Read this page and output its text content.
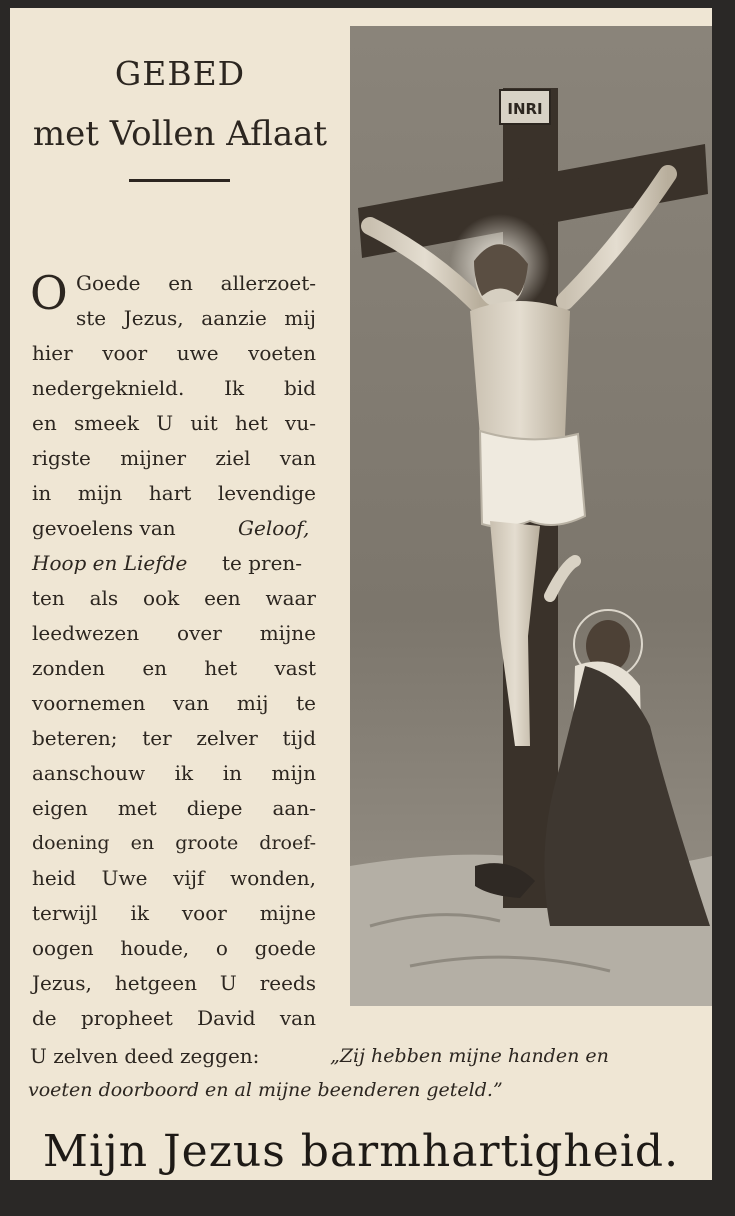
GEBED
met Vollen Aflaat
O Goede en allerzoet-
ste Jezus, aanzie mij
hier voor uwe voeten
nedergeknield. Ik bid
en smeek U uit het vu-
rigste mijner ziel van
in mijn hart levendige
gevoelens van	Geloof,
Hoop en Liefde te pren-
ten als ook een waar
leedwezen over mijne
zonden en het vast
voornemen van mij te
beteren; ter zelver tijd
aanschouw ik in mijn
eigen met diepe aan-
doening en groote droef-
heid Uwe vijf wonden,
terwijl ik voor mijne
oogen houde, o goede
Jezus, hetgeen U reeds
de propheet David van
U zelven deed zeggen:	„Zij hebben mijne handen en
voeten doorboord en al mijne beenderen geteld.”
Mijn Jezus barmhartigheid.
INRI
